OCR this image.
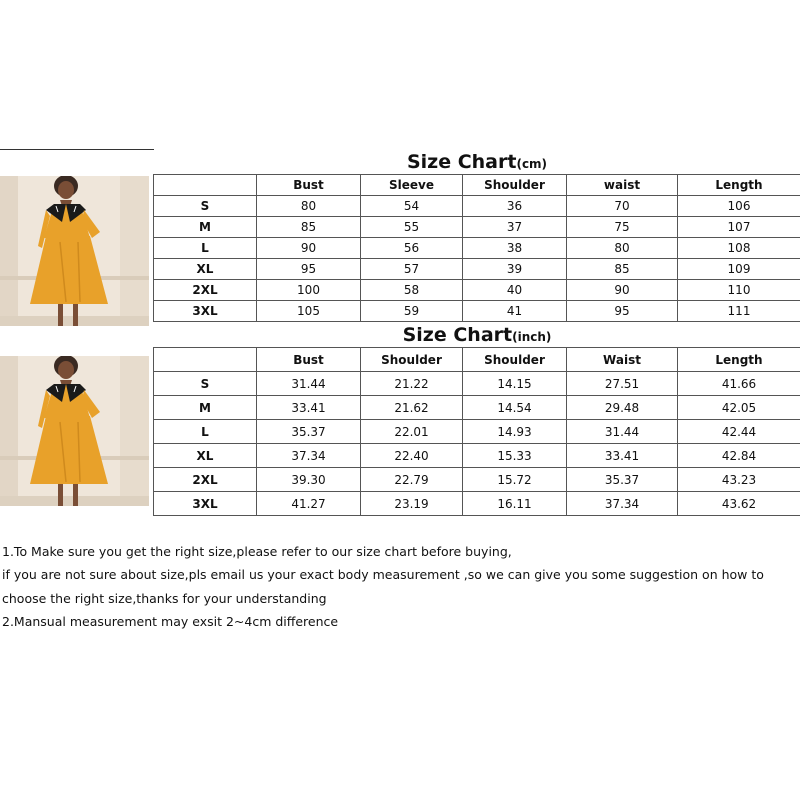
Size Chart(cm)
	Bust	Sleeve	Shoulder	waist	Length
S	80	54	36	70	106
M	85	55	37	75	107
L	90	56	38	80	108
XL	95	57	39	85	109
2XL	100	58	40	90	110
3XL	105	59	41	95	111
Size Chart(inch)
	Bust	Shoulder	Shoulder	Waist	Length
S	31.44	21.22	14.15	27.51	41.66
M	33.41	21.62	14.54	29.48	42.05
L	35.37	22.01	14.93	31.44	42.44
XL	37.34	22.40	15.33	33.41	42.84
2XL	39.30	22.79	15.72	35.37	43.23
3XL	41.27	23.19	16.11	37.34	43.62

1.To Make sure you get the right size,please refer to our size chart before buying,

if you are not sure about size,pls email us your exact body measurement ,so we can give you some suggestion on how to

choose the right size,thanks for your understanding

2.Mansual measurement may exsit 2~4cm difference
